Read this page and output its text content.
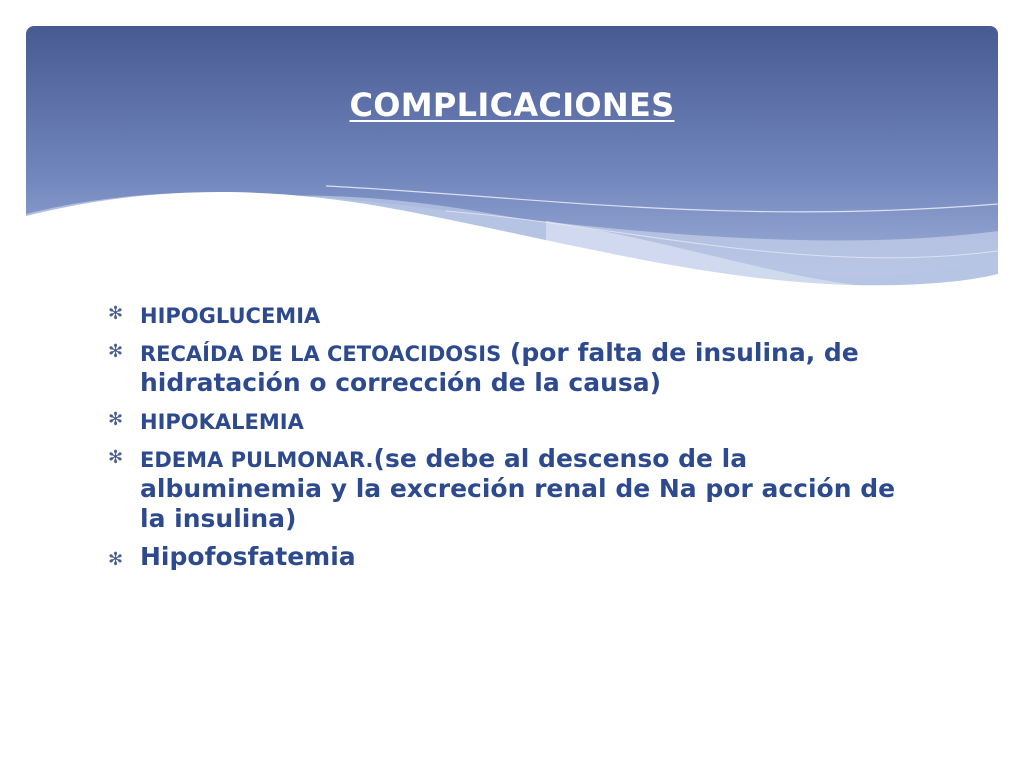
COMPLICACIONES
✻ HIPOGLUCEMIA
✻ RECAÍDA DE LA CETOACIDOSIS (por falta de insulina, de hidratación o corrección de la causa)
✻ HIPOKALEMIA
✻ EDEMA PULMONAR.(se debe al descenso de la albuminemia y la excreción renal de Na por acción de la insulina)
✻ Hipofosfatemia
